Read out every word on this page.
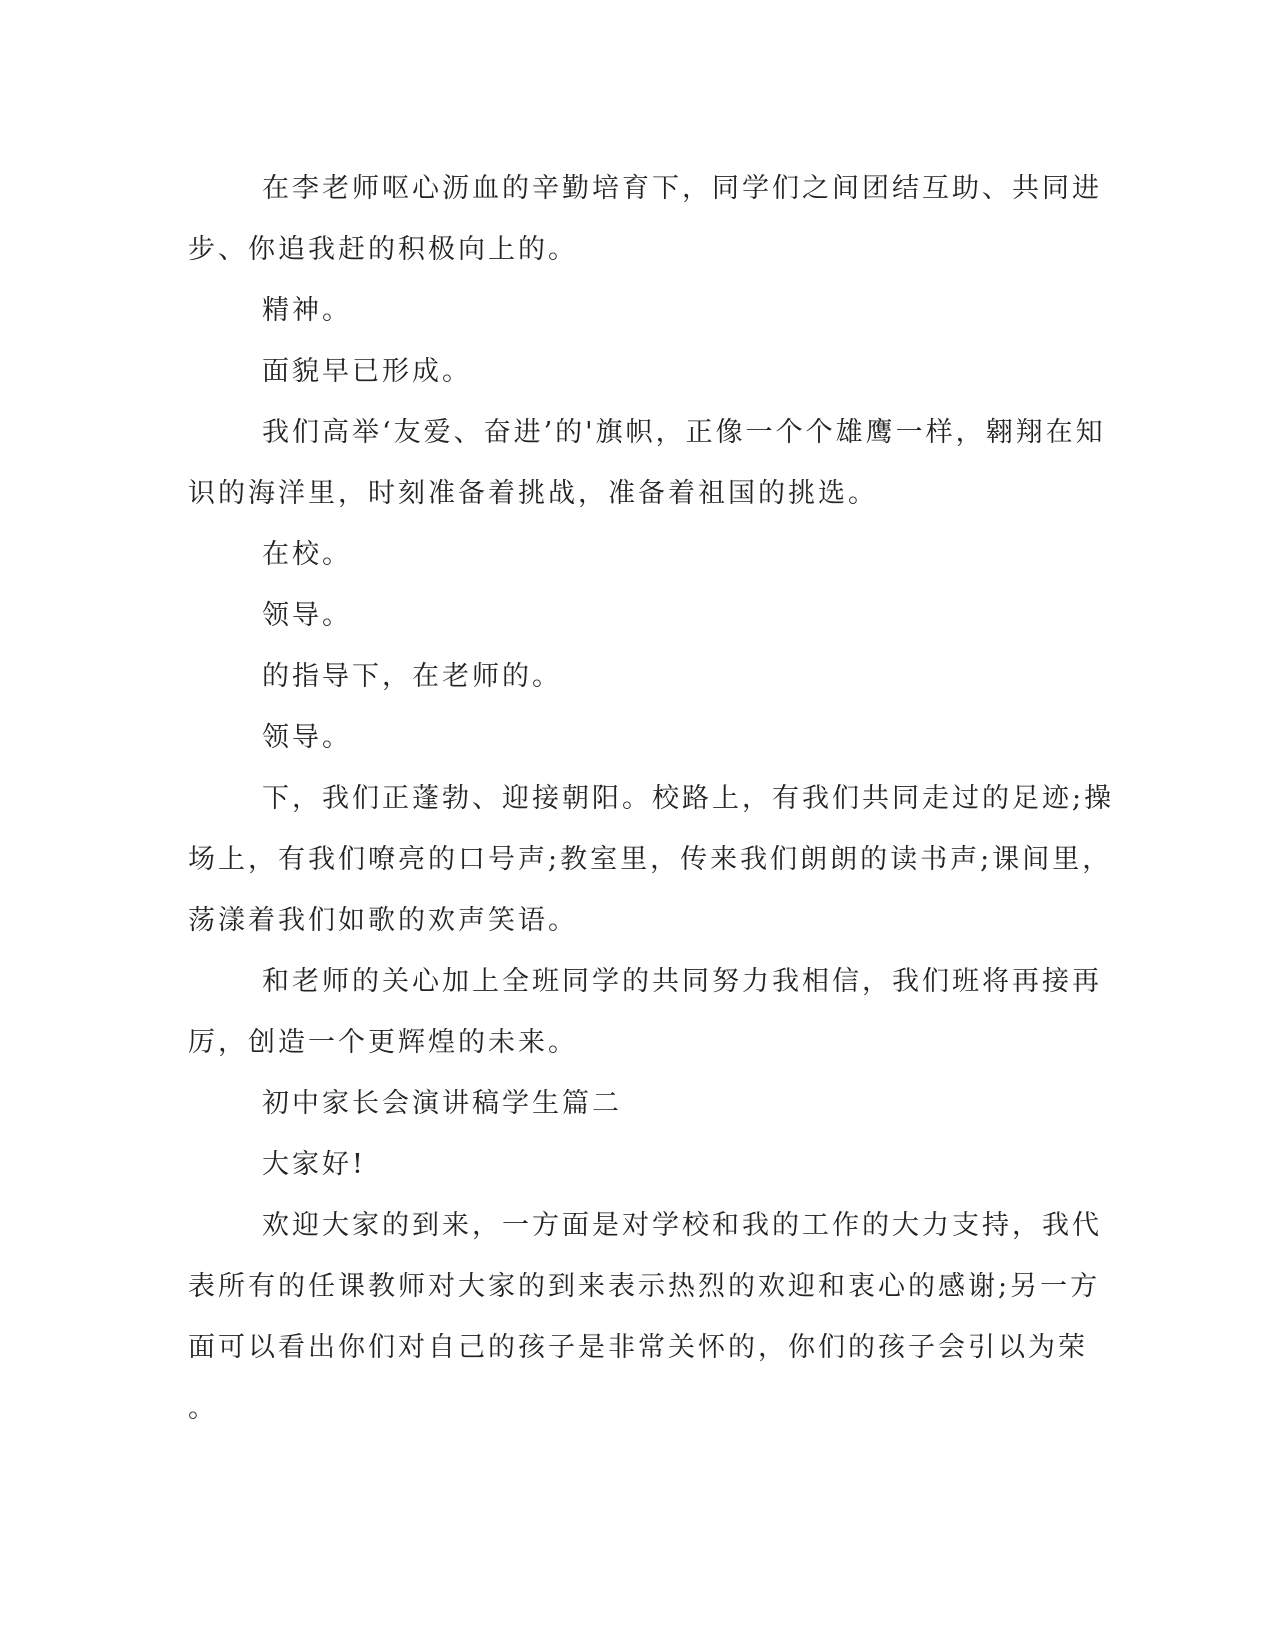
在李老师呕心沥血的辛勤培育下，同学们之间团结互助、共同进
步、你追我赶的积极向上的。
精神。
面貌早已形成。
我们高举‘友爱、奋进’的'旗帜，正像一个个雄鹰一样，翱翔在知
识的海洋里，时刻准备着挑战，准备着祖国的挑选。
在校。
领导。
的指导下，在老师的。
领导。
下，我们正蓬勃、迎接朝阳。校路上，有我们共同走过的足迹;操
场上，有我们嘹亮的口号声;教室里，传来我们朗朗的读书声;课间里，
荡漾着我们如歌的欢声笑语。
和老师的关心加上全班同学的共同努力我相信，我们班将再接再
厉，创造一个更辉煌的未来。
初中家长会演讲稿学生篇二
大家好!
欢迎大家的到来，一方面是对学校和我的工作的大力支持，我代
表所有的任课教师对大家的到来表示热烈的欢迎和衷心的感谢;另一方
面可以看出你们对自己的孩子是非常关怀的，你们的孩子会引以为荣
。
